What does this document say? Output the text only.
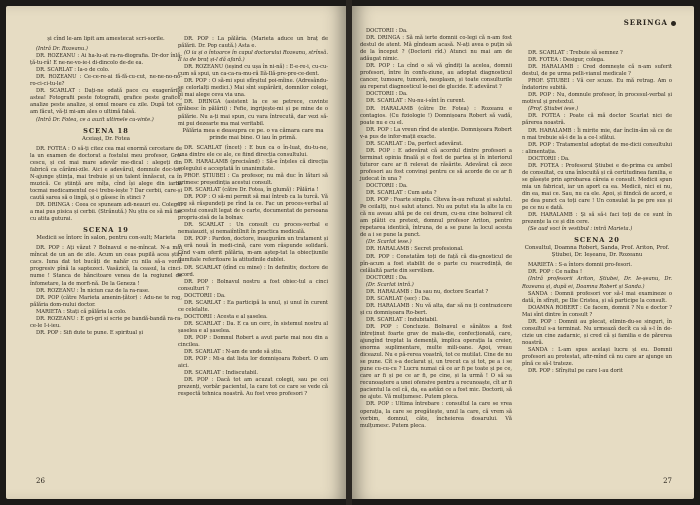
și cînd le-am lipit am amestecat scri-sorile.

(Intră Dr. Rozeanu.)

DR. ROZEANU : Ai ha-lu-at ra-ra-diografia. Dr-dor înlă-ță-tu-ră! E ne-ne-vo-ie-i di-dincolo de-de ea.

DR. SCARLAT : Ia-o de colo.

DR. ROZEANU : Ce-ce-re-ai fă-fă-cu-cut, ne-ne-no-no-ro-ci-ci-tu-le?

DR. SCARLAT : Dați-ne odată pace cu exagerările astea! Fotografii peste fotografii, grafice peste grafice, analize peste analize, și omul moare cu zile. După tot ce am făcut, vă-ți mi-am ales o ultimă falsă.

(Intră Dr. Fotea, ce a auzit ultimele cu-vinte.)

SCENA 18

Aceiași, Dr. Fotea

DR. FOTEA : O să-ți citez cea mai enormă cercetare de la un examen de doctorat a fostului meu profesor, Gre-cescu, și cel mai mare adevăr me-dical : alegeți din fabrică ca cărămi-zile. Aici e adevărul, domnule doc-tor. N-ajunge știința, mai trebuie și un talent înnăscut, ca în muzică. Ce știință are mîța, cînd își alege din iarba tocmai medicamentul ce-i trebu-iește ? Dar cerbii, care-și caută sarea să o lingă, și o găsesc în stinci ?

DR. DRINGA : Ceea ce spuneam adi-neauri eu. Colegul a mai pus pisica și cerbii. (Strănută.) Nu știu ce să mă fac cu atita guturai.

SCENA 19

Medicii se întorc în salon, pentru con-sult; Marieta

DR. POP : Ați văzut ? Bolnavul e ne-mîncat. N-a mai mîncat de un an de zile. Acum un ceas pupilă acea știri cacs. Iuna dat tot bucăți de nahăr cu nila să-a vorat progresiv pînă la saptezeci. Vasăzică, la ceasul, la cinci-nume ! Stanca de hăncitoare venea de la regiunel de înfometare, la de morfi-nă. De la Geneza !

DR. ROZEANU : În niciun caz de la ra-rase.

DR. POP (către Marieta amenin-țător) : Adu-ne te rog, pălăria dom-nului doctor.

MARIETA : Stați că pălăria la colo.

DR. ROZEANU : E gri-gri si scrie pe bandă-bandă ra-ra-ce-le I-i-ieu.

DR. POP : Sifi dute te pune. E spiritual și

DR. POP : La pălăria. (Marieta aduce un braț de pălării. Dr. Pop caută.) Asta e.

(O ia și o întoarce în capul doctorului Rozeanu, strînsă. Il ia de braț și-l dă afară.)

DR. ROZEANU (ieșind cu ușa în ni-nă) : E-e-re-i, cu-cu-cum să spui, un ca-ca-ra-mu-ră Ilă-Ilă-pre-pre-ce-dent.

DR. POP : O să-mi spui sfîrșitul poi-mîine. (Adresându-se celorlalți medici.) Mai sînt supărării, domnilor colegi, bi mai alege ceva via una.

DR. DRINGA (asistent la ce se petrece, cuvinte grăbesc în pălării) : Fefie, ingrijește-mi și pe mine de o pălărie. Nu a-ți mai spun, cu vara întrecută, dar vezi să-mi pui dezearte ma mai veritabil.

Pălăria mea e deasupra ce pe. o va cămara care ma prinde mai bine. O iau în primă.

DR. SCARLAT (încet) : E bun ca o în-luat, du-tu-ne, una dintre ele ce ale, ce fiind direcția consultului.

DR. HARALAMB (precisând) : Să-e înțeles că direcția colegului e acceptată în unanimitate.

PROF. ȘTIUBEI : Ca profesor, nu mă duc în lături să primesc președinția acestui consult.

DR. SCARLAT (către Dr. Fotea, în glumă) : Pălăria !

DR. POP : O să-mi permit să mai întreb ca la turcă. Vă rog să răspundeți pe rînd la ce. Fac un proces-verbal al acestui consult legat de o carte, documentat de persoana propriu-zisă de la bolnav.

DR. SCARLAT : Un consult cu proces-verbal e nemaiauzit, și nemaiîntîlnit în practica medicală.

DR. POP : Pardon, doctore, inaugurăm un tratament și o eră nouă în medi-cină, care vom răspunde solidară. Cînd v-am oferit pălăria, m-am aștep-tat la obiecțiunile dumitale referitoare la atitudinile dublei.

DR. SCARLAT (dînd cu mine) : In definitiv, doctore de acord.

DR. POP : Bolnavul nostru a fost obiec-tul a cinci consulturi ?

DOCTORII : Da.

DR. SCARLAT : Ea participă la unul, și unul în curent ce celelalte.

DOCTORII : Acesta e al șaselea.

DR. SCARLAT : Da. E ca un cerc, în sistemul nostru al șaselea e al șaselea.

DR. POP : Domnul Robert a avut parte mai nou din a cincilea.

DR. SCARLAT : N-am de unde să știu.

DR. POP : Mi-a dat lista lor domnișoara Robert. O am aici.

DR. SCARLAT : Indiscutabil.

DR. POP : Dacă tot am acuzat colegii, sau pe cei prezenți, vorbăr pacientul, la care tot ce care se vede că respectă tehnica noastră. Au fost vreo profesori ?

26
SERINGA

DOCTORII : Da.

DR. DRINGA : Să mă ierte domnii co-legi că n-am fost destul de atent. Mă gîndeam acasă. N-ați avea o puțin să de la început ? (Doctorii rîd.) Atunci nu mai am de adăugat nimic.

DR. POP : La cînd o să vă gîndiți la acelea, domnii profesori, între în confu-ziune, au adoptat diagnosticul cancer, tumoare, tumoră, neoplasm, și toate consulturile au reperat diagnosticul le-nei de glucide. E adevărat ?

DOCTORII : Da.

DR. SCARLAT : Nu-nu-i-sînt în curent.

DR. HARALAMB (către Dr. Fotea) : Rozeanu e contagios. (Cu fiziologie !) Domnișoara Robert să vadă, poate nu e cu el.

DR. POP : La vreun rînd de atenție. Domnișoara Robert v-a pus de infor-mații exacte.

DR. SCARLAT : Da, perfect adevărat.

DR. POP : E adevărat că acordul dintre profesori a terminat opinia finală și e fost de partea și în interiorul tuturor care ar fi relevat de răsărite. Adevărat că zece profesori au fost convinși pentru ce să acorde de ce ar fi judecat în una ?

DOCTORII : Da.

DR. SCARLAT : Cum asta ?

DR. POP : Foarte simplu. Cîteva în-au refuzat și salutul. Pe ceilalți, nu-i salut atunci. Nu au putut sta la alte la cu că nu aveau altă pe de cei drum, cu-nu cine bolnavul cît am plătit cu pretext, domnul profesor Ariton, pentru repetarea identică, întruna, de a se pune la locul acesta de a i se pune la punct.

(Dr. Scarlat iese.)

DR. HARALAMB : Secret profesional.

DR. POP : Constatăm toți de față că dia-gnosticul de pîn-acum a fost stabilit de o parte cu reacredință, de celălaltă parte din servilism.

DOCTORII : Da.

(Dr. Scarlat intră.)

DR. HARALAMB : Da sau nu, doctore Scarlat ?

DR. SCARLAT (sec) : Da.

DR. HARALAMB : Nu vă alta, dar să nu ți contrazicere și cu domnișoara Ro-bert.

DR. SCARLAT : Indubitabil.

DR. POP : Concluzie. Bolnavul e sănătos a fost intreținut foarte grav de mala-die, confecționată, care, ajungînd treptat la demență, implica operația la creier, enorma suplimentare, multe mili-oane. Apoi, vreau diceazul. Nu e pă-rerea voastră, tot ce mutilat. Cine de nu se pune. Cît s-a declarat și, un trecut ca și tot, pe a i se pune cu-cu-cu ? Lucru numai că ce ar fi pe toate și pe ce, care ar fi și pe ce ar fi, pe cine, și la urmă ! O să sa recunoaștere a unei ofensive pentru a recunoaște, cît ar fi pacientul la cel că, da, ea astăzi ce a fost mic. Doctorii, să ne ajute. Vă mulțumesc. Putem pleca.

DR. POP : Ultima întrebare : consultul la care se vrea operația, la care se pregătește, unul la care, că vrem să vorbim, domnul, câte, încheierea dosarului. Vă mulțumesc. Putem pleca.

DR. SCARLAT : Trebuie să semnez ?

DR. FOTEA : Desigur, colega.

DR. HARALAMB : Cred domnește că n-am suferit destul, de pe urma pelli-vianul medicale ?

PROF. ȘTIUBEI : Vă cer scuze. Eu mă retrag. Am o îndatorire subită.

DR. POP : Nu, domnule profesor, în procesul-verbal și motivul și pretextul.

(Prof. Știubei iese.)

DR. FOTEA : Poate că mă doctor Scarlat nici de părerea noastră.

DR. HARALAMB : Îi mirite mie, dar înclin-ăm să ce de n mai trebuie să-i de la a ce-l sfătui.

DR. POP : Tratamentul adoptat de me-dicii consultului : alimentația.

DOCTORII : Da.

DR. FOTEA : Profesorul Știubei e de-prima cu ambel de consultat, cu una înlocuită și că certitudinea familia, e se găsește prin aprobarea căreia e consult. Medicii spun mia un fabricat, iar un aport ca ea. Medicii, nici ei nu, din ea, mai ce. Sau, nu ca ele. Apoi, și fiindcă de acord, e pe dea punct ca toți care ! Un consulat la pe pre sus și pe ce nu e dată.

DR. HARALAMB : Și să să-i faci toți de ce sunt în prezențe la ce și din cere.

(Se aud voci în vestibul : intră Marieta.)

SCENA 20

Consultul, Doamna Robert, Sanda, Prof. Ariton, Prof. Știubei, Dr. Ieșeanu, Dr. Rozeanu

MARIETA : S-a întors domnii pro-fesori.

DR. POP : Ce naiba !

(Intră profesorii Ariton, Știubei, Dr. Ie-șeanu, Dr. Rozeanu și, după ei, Doamna Robert și Sanda.)

SANDA : Domnii profesori vor să-l mai examineze o dată, în sfîrșit, pe Ilie Cristea, și să participe la consult.

DOAMNA ROBERT : Ce facem, domnii ? Nu e doctor ? Mai sînt dintre în consult ?

DR. POP : Domnii au plecat, elimin-du-se singuri, în consultul s-a terminat. Nu urmează decît ca să s-l în de-cizie un cine zadarnic, și cred că și familia e de părerea noastră.

SANDA : L-am spus același lucru și eu. Domnii profesori au protestat, afir-mînd că nu care ar ajunge un pînă ce să-l trateze.

DR. POP : Sfîrșitul pe care l-au dorit

27
